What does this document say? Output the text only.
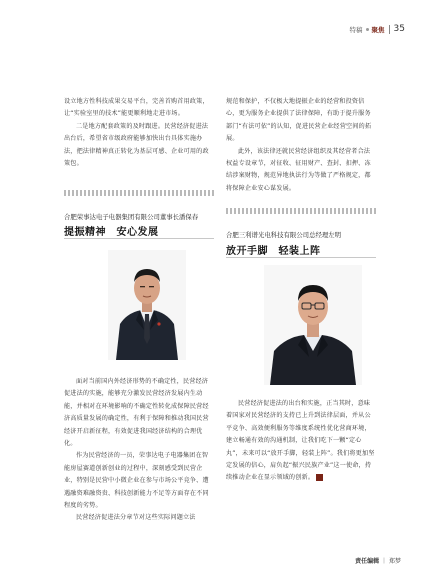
特稿 聚焦 35

设立地方性科技成果交易平台，完善首购首用政策，让“实验室里的技术”能更顺利地走进市场。

二是地方配套政策的及时跟进。民营经济促进法出台后，希望省市级政府能够加快出台具体实施办法，把法律精神真正转化为基层可感、企业可用的政策包。

规范和保护，不仅极大地提振企业的经营和投资信心，更为服务企业提供了法律保障，有助于提升服务部门“有法可依”的认知，促进民营企业经营空间的拓展。

此外，该法律还就民营经济组织及其经营者合法权益专设章节，对征收、征用财产、查封、扣押、冻结涉案财物，规范异地执法行为等做了严格规定，都将保障企业安心谋发展。

合肥荣事达电子电器集团有限公司董事长潘保春
提振精神　安心发展

面对当前国内外经济形势的不确定性，民营经济促进法的实施，能够充分激发民营经济发展内生动能，并相对在环境影响的不确定性转化成保障民营经济高质量发展的确定性，有利于保障和推动我国民营经济开启新征程，有效促进我国经济结构的合理优化。

作为民营经济的一员，荣事达电子电器集团在智能房屋赛道创新创业的过程中，深刻感受到民营企业，特别是民营中小微企业在参与市场公平竞争、遭遇融资难融资贵、科技创新能力不足等方面存在不同程度的劣势。

民营经济促进法分章节对这些实际问题立法

合肥三利谱光电科技有限公司总经理左明
放开手脚　轻装上阵

民营经济促进法的出台和实施，正当其时，意味着国家对民营经济的支持已上升到法律层面，并从公平竞争、高效便利服务等维度系统性优化营商环境，建立畅通有效的沟通机制，让我们吃下一颗“定心丸”，未来可以“放开手脚，轻装上阵”。我们将更加坚定发展的信心，肩负起“振兴民族产业”这一使命，持续推动企业在显示领域的创新。

责任编辑 ｜ 郑梦
